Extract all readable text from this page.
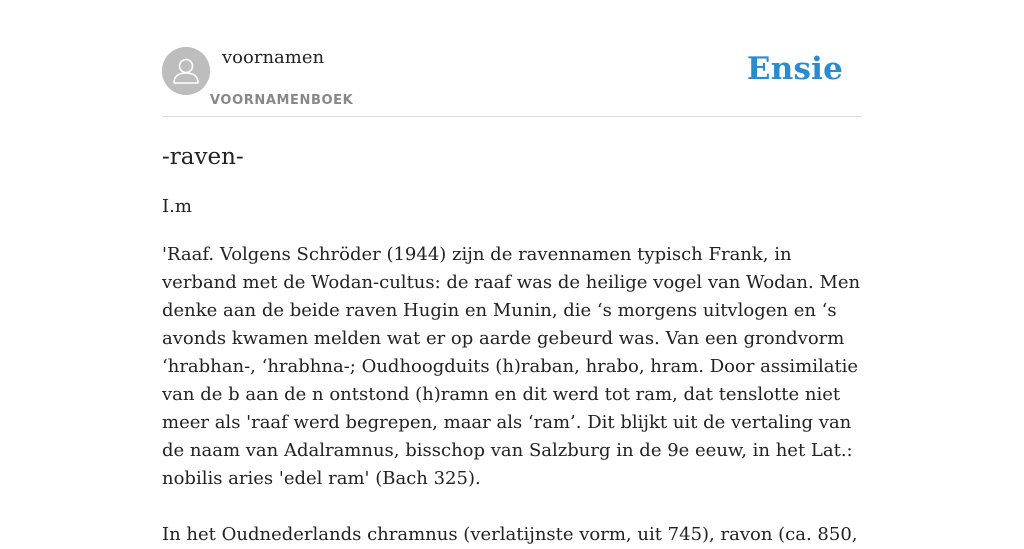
voornamen
VOORNAMENBOEK
Ensie
-raven-
I.m

'Raaf. Volgens Schröder (1944) zijn de ravennamen typisch Frank, in verband met de Wodan-cultus: de raaf was de heilige vogel van Wodan. Men denke aan de beide raven Hugin en Munin, die ‘s morgens uitvlogen en ‘s avonds kwamen melden wat er op aarde gebeurd was. Van een grondvorm ‘hrabhan-, ‘hrabhna-; Oudhoogduits (h)raban, hrabo, hram. Door assimilatie van de b aan de n ontstond (h)ramn en dit werd tot ram, dat tenslotte niet meer als 'raaf werd begrepen, maar als ‘ram’. Dit blijkt uit de vertaling van de naam van Adalramnus, bisschop van Salzburg in de 9e eeuw, in het Lat.: nobilis aries 'edel ram' (Bach 325).

In het Oudnederlands chramnus (verlatijnste vorm, uit 745), ravon (ca. 850,
